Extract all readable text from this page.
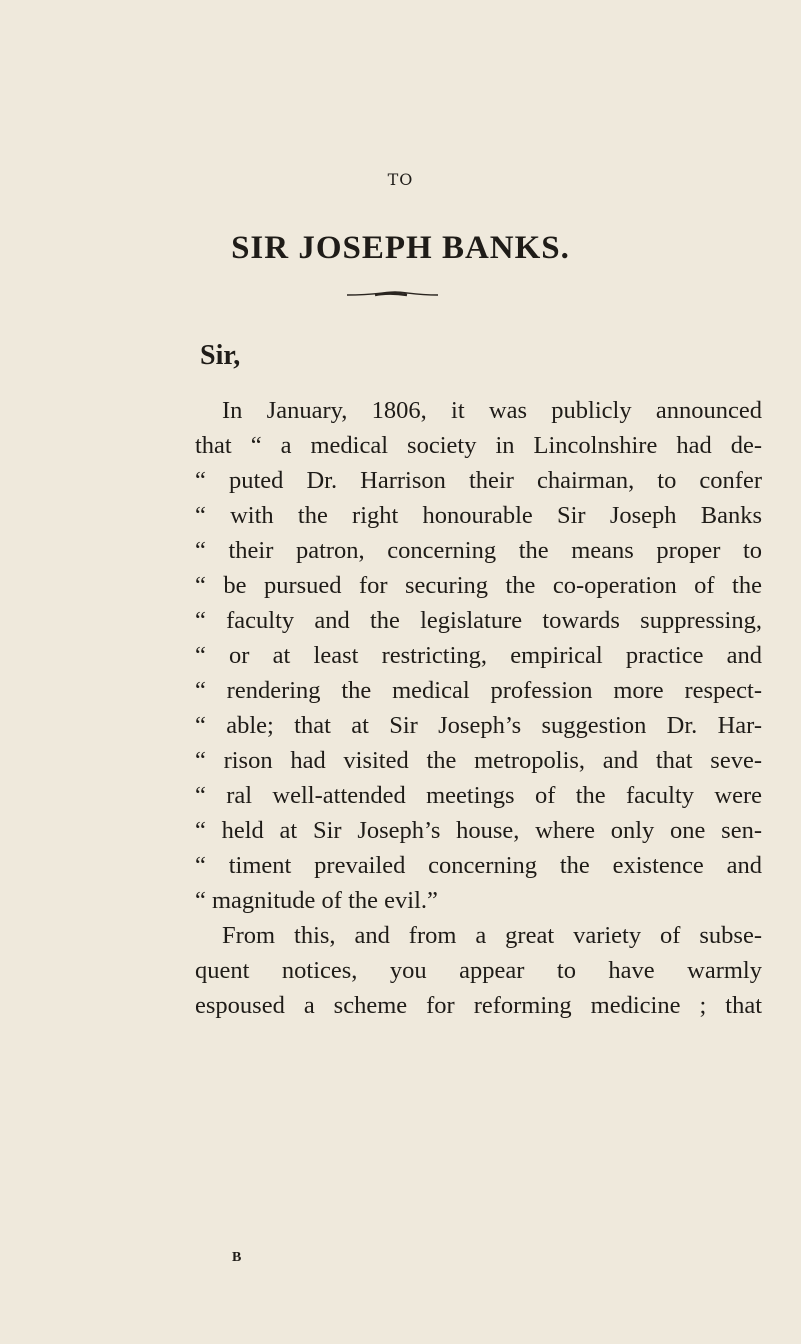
TO
SIR JOSEPH BANKS.
Sir,
In January, 1806, it was publicly announced
that “ a medical society in Lincolnshire had de-
“ puted Dr. Harrison their chairman, to confer
“ with the right honourable Sir Joseph Banks
“ their patron, concerning the means proper to
“ be pursued for securing the co-operation of the
“ faculty and the legislature towards suppressing,
“ or at least restricting, empirical practice and
“ rendering the medical profession more respect-
“ able; that at Sir Joseph’s suggestion Dr. Har-
“ rison had visited the metropolis, and that seve-
“ ral well-attended meetings of the faculty were
“ held at Sir Joseph’s house, where only one sen-
“ timent prevailed concerning the existence and
“ magnitude of the evil.”
From this, and from a great variety of subse-
quent notices, you appear to have warmly
espoused a scheme for reforming medicine ; that
B
